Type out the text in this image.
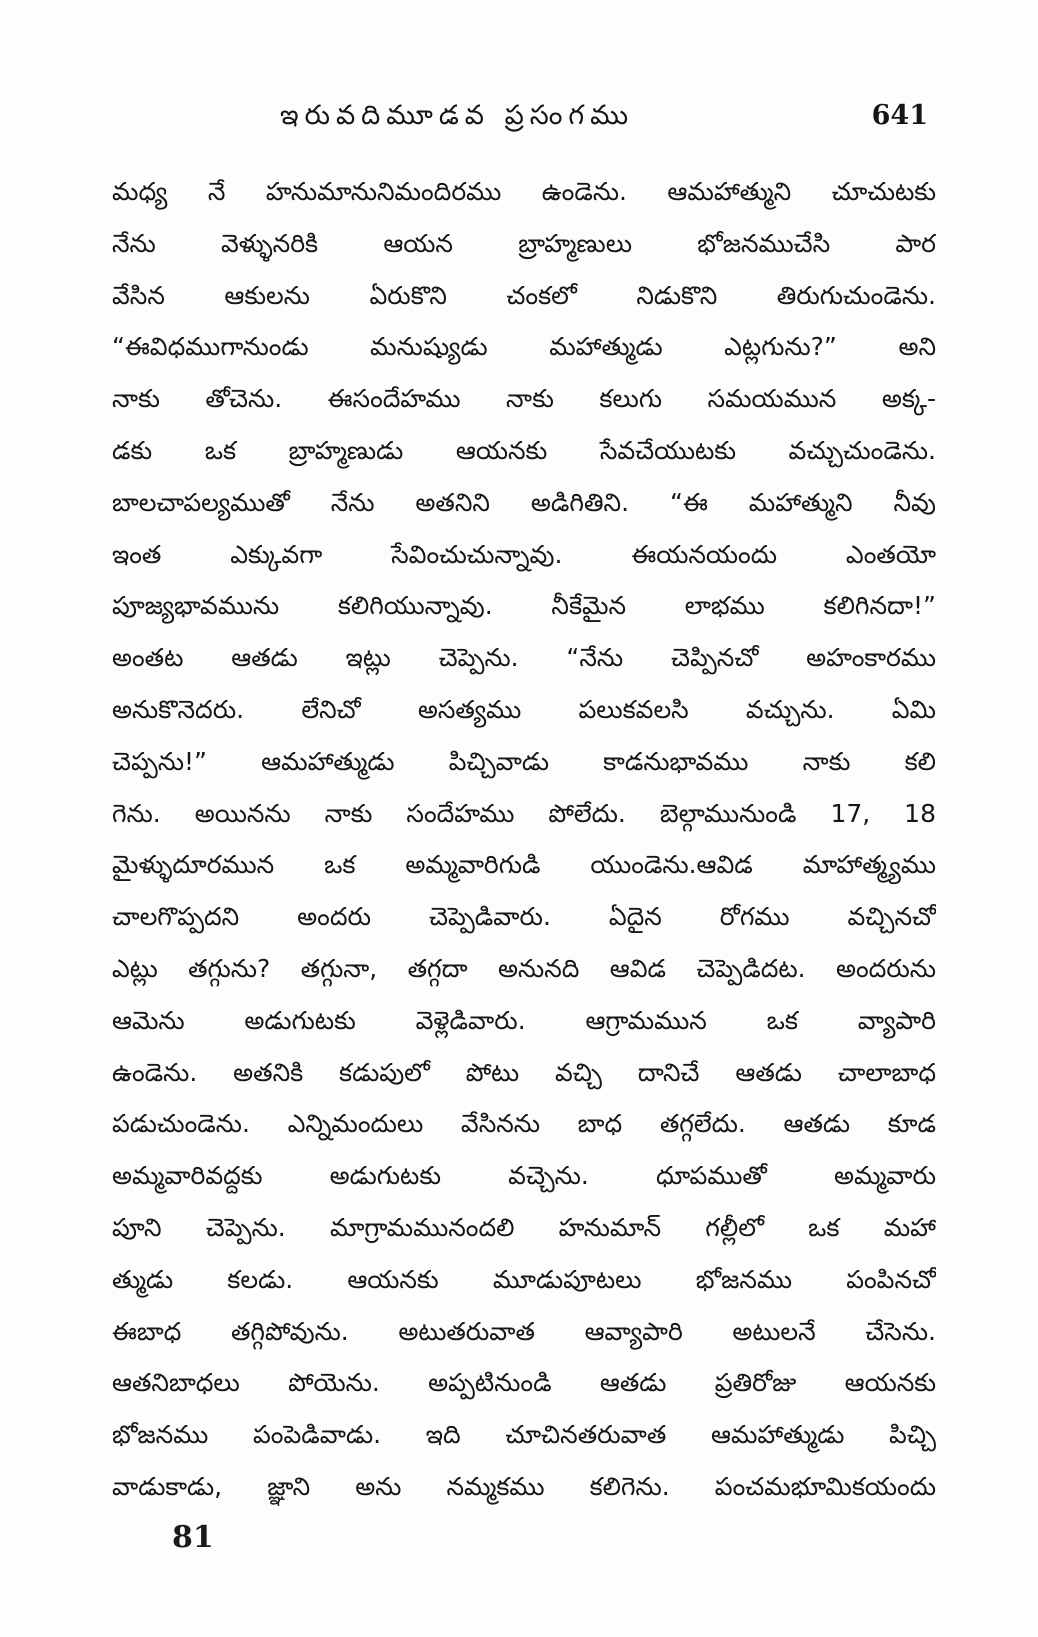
ఇరువదిమూడవ ప్రసంగము	641
మధ్య నే హనుమానునిమందిరము ఉండెను. ఆమహాత్ముని చూచుటకు
నేను వెళ్ళునరికి ఆయన బ్రాహ్మణులు భోజనముచేసి పార
వేసిన ఆకులను ఏరుకొని చంకలో నిడుకొని తిరుగుచుండెను.
“ఈవిధముగానుండు మనుష్యుడు మహాత్ముడు ఎట్లగును?” అని
నాకు తోచెను. ఈసందేహము నాకు కలుగు సమయమున అక్క-
డకు ఒక బ్రాహ్మణుడు ఆయనకు సేవచేయుటకు వచ్చుచుండెను.
బాలచాపల్యముతో నేను అతనిని అడిగితిని. “ఈ మహాత్ముని నీవు
ఇంత ఎక్కువగా సేవించుచున్నావు. ఈయనయందు ఎంతయో
పూజ్యభావమును కలిగియున్నావు. నీకేమైన లాభము కలిగినదా!”
అంతట ఆతడు ఇట్లు చెప్పెను. “నేను చెప్పినచో అహంకారము
అనుకొనెదరు. లేనిచో అసత్యము పలుకవలసి వచ్చును. ఏమి
చెప్పను!” ఆమహాత్ముడు పిచ్చివాడు కాడనుభావము నాకు కలి
గెను. అయినను నాకు సందేహము పోలేదు. బెల్గామునుండి 17, 18
మైళ్ళుదూరమున ఒక అమ్మవారిగుడి యుండెను.ఆవిడ మాహాత్మ్యము
చాలగొప్పదని అందరు చెప్పెడివారు. ఏదైన రోగము వచ్చినచో
ఎట్లు తగ్గును? తగ్గునా, తగ్గదా అనునది ఆవిడ చెప్పెడిదట. అందరును
ఆమెను అడుగుటకు వెళ్లెడివారు. ఆగ్రామమున ఒక వ్యాపారి
ఉండెను. అతనికి కడుపులో పోటు వచ్చి దానిచే ఆతడు చాలాబాధ
పడుచుండెను. ఎన్నిమందులు వేసినను బాధ తగ్గలేదు. ఆతడు కూడ
అమ్మవారివద్దకు అడుగుటకు వచ్చెను. ధూపముతో అమ్మవారు
పూని చెప్పెను. మాగ్రామమునందలి హనుమాన్ గల్లీలో ఒక మహా
త్ముడు కలడు. ఆయనకు మూడుపూటలు భోజనము పంపినచో
ఈబాధ తగ్గిపోవును. అటుతరువాత ఆవ్యాపారి అటులనే చేసెను.
ఆతనిబాధలు పోయెను. అప్పటినుండి ఆతడు ప్రతిరోజు ఆయనకు
భోజనము పంపెడివాడు. ఇది చూచినతరువాత ఆమహాత్ముడు పిచ్చి
వాడుకాడు, జ్ఞాని అను నమ్మకము కలిగెను. పంచమభూమికయందు
81
